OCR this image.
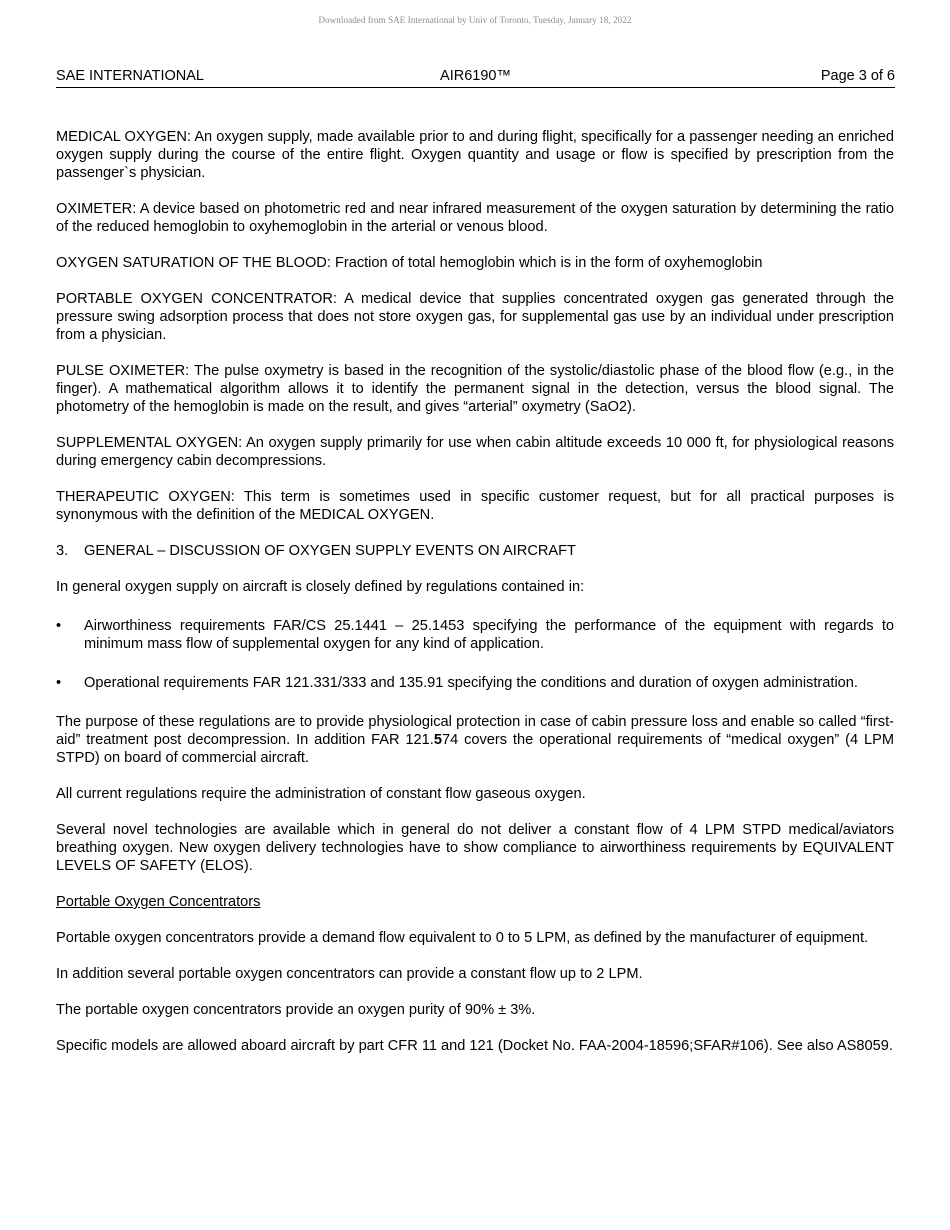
Downloaded from SAE International by Univ of Toronto, Tuesday, January 18, 2022
AIR6190™
SAE INTERNATIONAL	Page 3 of 6

MEDICAL OXYGEN: An oxygen supply, made available prior to and during flight, specifically for a passenger needing an enriched oxygen supply during the course of the entire flight. Oxygen quantity and usage or flow is specified by prescription from the passenger`s physician.

OXIMETER: A device based on photometric red and near infrared measurement of the oxygen saturation by determining the ratio of the reduced hemoglobin to oxyhemoglobin in the arterial or venous blood.

OXYGEN SATURATION OF THE BLOOD: Fraction of total hemoglobin which is in the form of oxyhemoglobin

PORTABLE OXYGEN CONCENTRATOR: A medical device that supplies concentrated oxygen gas generated through the pressure swing adsorption process that does not store oxygen gas, for supplemental gas use by an individual under prescription from a physician.

PULSE OXIMETER: The pulse oxymetry is based in the recognition of the systolic/diastolic phase of the blood flow (e.g., in the finger). A mathematical algorithm allows it to identify the permanent signal in the detection, versus the blood signal. The photometry of the hemoglobin is made on the result, and gives “arterial” oxymetry (SaO2).

SUPPLEMENTAL OXYGEN: An oxygen supply primarily for use when cabin altitude exceeds 10 000 ft, for physiological reasons during emergency cabin decompressions.

THERAPEUTIC OXYGEN: This term is sometimes used in specific customer request, but for all practical purposes is synonymous with the definition of the MEDICAL OXYGEN.

3. GENERAL – DISCUSSION OF OXYGEN SUPPLY EVENTS ON AIRCRAFT

In general oxygen supply on aircraft is closely defined by regulations contained in:

• Airworthiness requirements FAR/CS 25.1441 – 25.1453 specifying the performance of the equipment with regards to minimum mass flow of supplemental oxygen for any kind of application.
• Operational requirements FAR 121.331/333 and 135.91 specifying the conditions and duration of oxygen administration.

The purpose of these regulations are to provide physiological protection in case of cabin pressure loss and enable so called “first-aid” treatment post decompression. In addition FAR 121.574 covers the operational requirements of “medical oxygen” (4 LPM STPD) on board of commercial aircraft.

All current regulations require the administration of constant flow gaseous oxygen.

Several novel technologies are available which in general do not deliver a constant flow of 4 LPM STPD medical/aviators breathing oxygen. New oxygen delivery technologies have to show compliance to airworthiness requirements by EQUIVALENT LEVELS OF SAFETY (ELOS).

Portable Oxygen Concentrators

Portable oxygen concentrators provide a demand flow equivalent to 0 to 5 LPM, as defined by the manufacturer of equipment.

In addition several portable oxygen concentrators can provide a constant flow up to 2 LPM.

The portable oxygen concentrators provide an oxygen purity of 90% ± 3%.

Specific models are allowed aboard aircraft by part CFR 11 and 121 (Docket No. FAA-2004-18596;SFAR#106). See also AS8059.
